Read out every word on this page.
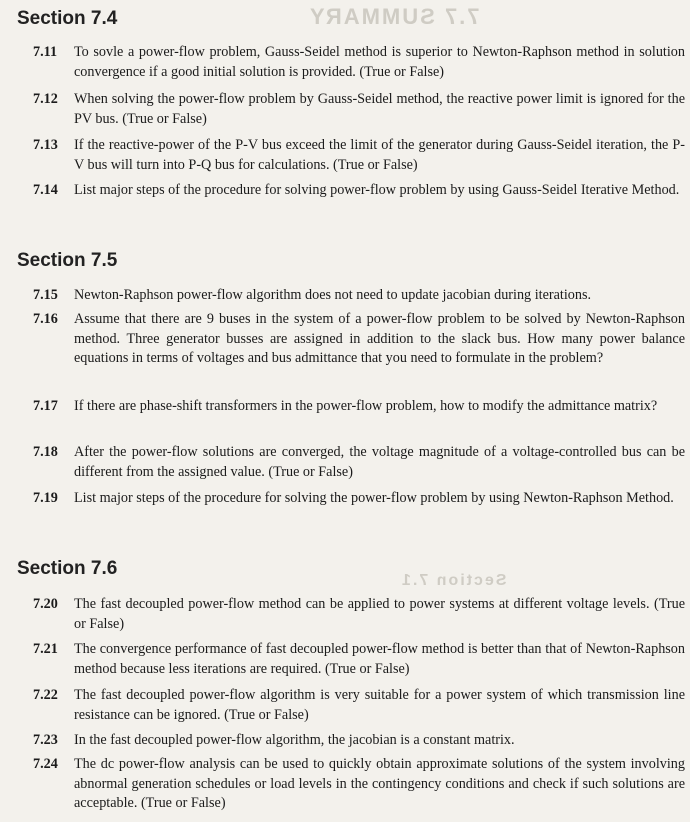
7.7 SUMMARY
Section 7.4
7.11	To sovle a power-flow problem, Gauss-Seidel method is superior to Newton-Raphson method in solution convergence if a good initial solution is provided. (True or False)
7.12	When solving the power-flow problem by Gauss-Seidel method, the reactive power limit is ignored for the PV bus. (True or False)
7.13	If the reactive-power of the P-V bus exceed the limit of the generator during Gauss-Seidel iteration, the P-V bus will turn into P-Q bus for calculations. (True or False)
7.14	List major steps of the procedure for solving power-flow problem by using Gauss-Seidel Iterative Method.
Section 7.5
7.15	Newton-Raphson power-flow algorithm does not need to update jacobian during iterations.
7.16	Assume that there are 9 buses in the system of a power-flow problem to be solved by Newton-Raphson method. Three generator busses are assigned in addition to the slack bus. How many power balance equations in terms of voltages and bus admittance that you need to formulate in the problem?
7.17	If there are phase-shift transformers in the power-flow problem, how to modify the admittance matrix?
7.18	After the power-flow solutions are converged, the voltage magnitude of a voltage-controlled bus can be different from the assigned value. (True or False)
7.19	List major steps of the procedure for solving the power-flow problem by using Newton-Raphson Method.
Section 7.1
Section 7.6
7.20	The fast decoupled power-flow method can be applied to power systems at different voltage levels. (True or False)
7.21	The convergence performance of fast decoupled power-flow method is better than that of Newton-Raphson method because less iterations are required. (True or False)
7.22	The fast decoupled power-flow algorithm is very suitable for a power system of which transmission line resistance can be ignored. (True or False)
7.23	In the fast decoupled power-flow algorithm, the jacobian is a constant matrix.
7.24	The dc power-flow analysis can be used to quickly obtain approximate solutions of the system involving abnormal generation schedules or load levels in the contingency conditions and check if such solutions are acceptable. (True or False)
